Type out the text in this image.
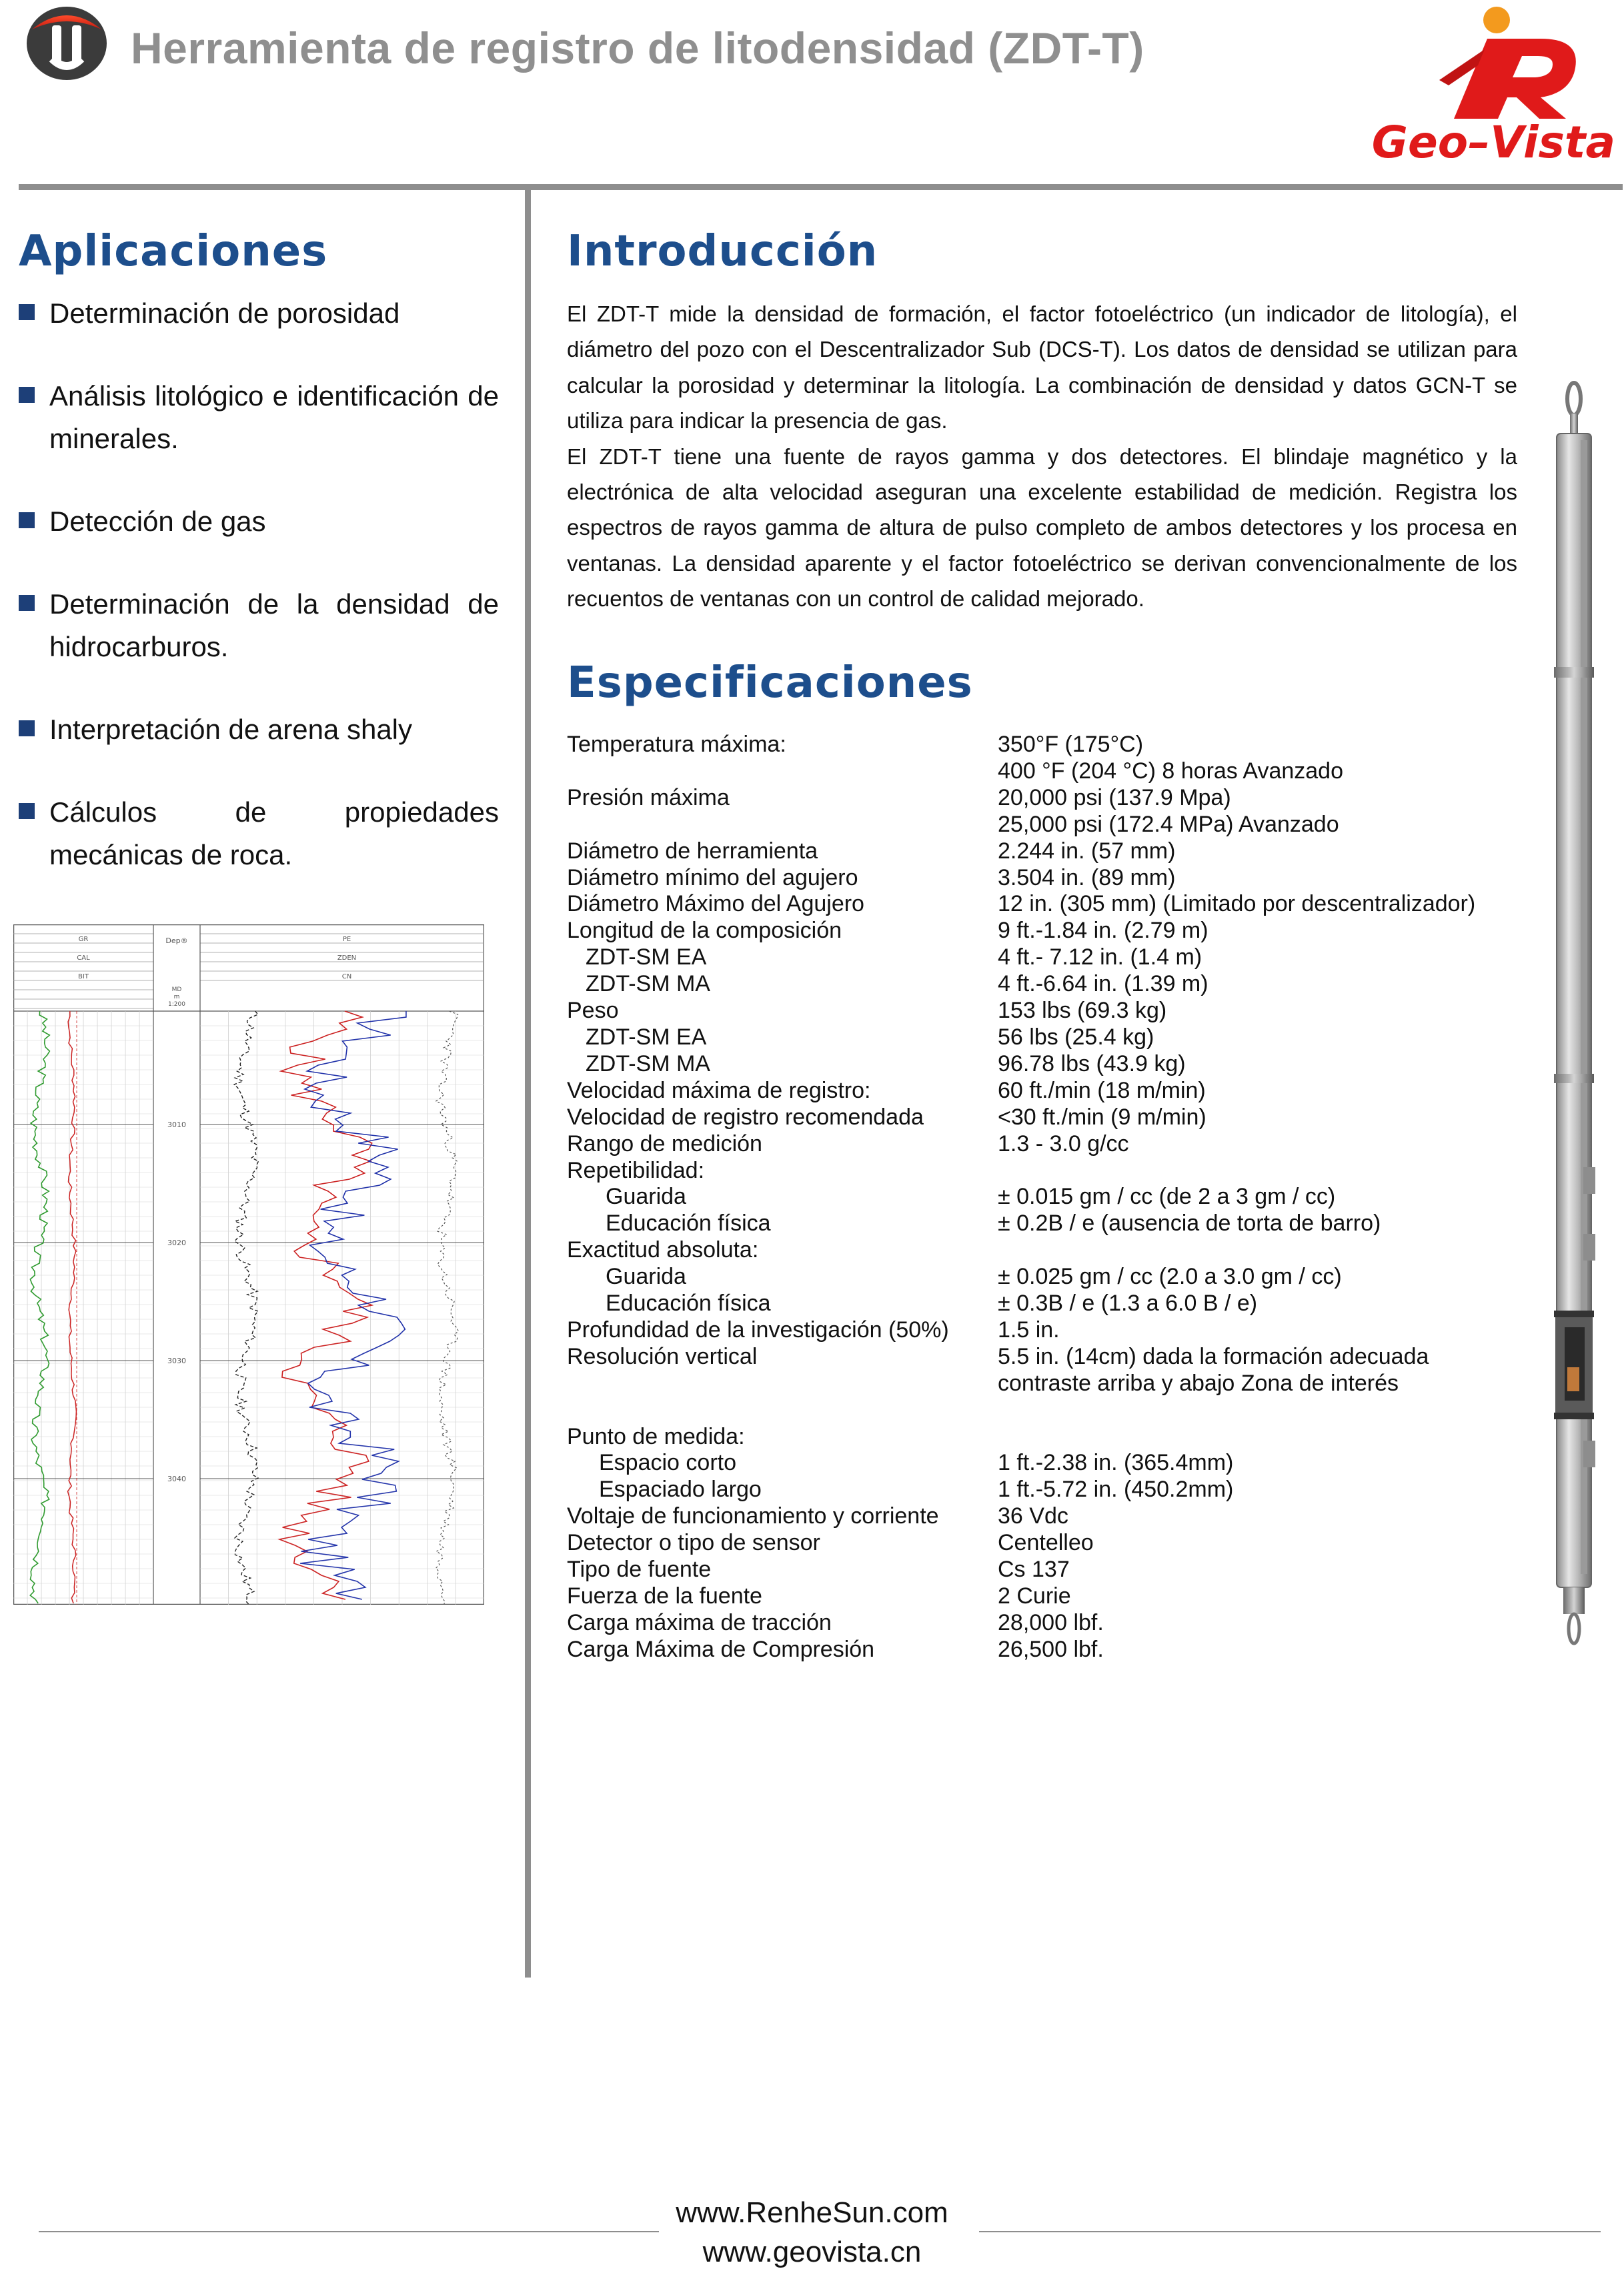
Herramienta de registro de litodensidad (ZDT-T)
Geo–Vista
Aplicaciones
Determinación de porosidad
Análisis litológico e identificación de minerales.
Detección de gas
Determinación de la densidad de hidrocarburos.
Interpretación de arena shaly
Cálculos de propiedades mecánicas de roca.
3010
3020
3030
3040
Dep®
MD
m
1:200
GR
CAL
BIT
PE
ZDEN
CN
Introducción

El ZDT-T mide la densidad de formación, el factor fotoeléctrico (un indicador de litología), el diámetro del pozo con el Descentralizador Sub (DCS-T). Los datos de densidad se utilizan para calcular la porosidad y determinar la litología. La combinación de densidad y datos GCN-T se utiliza para indicar la presencia de gas.

El ZDT-T tiene una fuente de rayos gamma y dos detectores. El blindaje magnético y la electrónica de alta velocidad aseguran una excelente estabilidad de medición. Registra los espectros de rayos gamma de altura de pulso completo de ambos detectores y los procesa en ventanas. La densidad aparente y el factor fotoeléctrico se derivan convencionalmente de los recuentos de ventanas con un control de calidad mejorado.

Especificaciones
Temperatura máxima:	350°F (175°C)
400 °F (204 °C) 8 horas Avanzado
Presión máxima	20,000 psi (137.9 Mpa)
25,000 psi (172.4 MPa) Avanzado
Diámetro de herramienta	2.244 in. (57 mm)
Diámetro mínimo del agujero	3.504 in. (89 mm)
Diámetro Máximo del Agujero	12 in. (305 mm) (Limitado por descentralizador)
Longitud de la composición	9 ft.-1.84 in. (2.79 m)
ZDT-SM EA	4 ft.- 7.12 in. (1.4 m)
ZDT-SM MA	4 ft.-6.64 in. (1.39 m)
Peso	153 lbs (69.3 kg)
ZDT-SM EA	56 lbs (25.4 kg)
ZDT-SM MA	96.78 lbs (43.9 kg)
Velocidad máxima de registro:	60 ft./min (18 m/min)
Velocidad de registro recomendada	<30 ft./min (9 m/min)
Rango de medición	1.3 - 3.0 g/cc
Repetibilidad:
Guarida	± 0.015 gm / cc (de 2 a 3 gm / cc)
Educación física	± 0.2B / e (ausencia de torta de barro)
Exactitud absoluta:
Guarida	± 0.025 gm / cc (2.0 a 3.0 gm / cc)
Educación física	± 0.3B / e (1.3 a 6.0 B / e)
Profundidad de la investigación (50%)	1.5 in.
Resolución vertical	5.5 in. (14cm) dada la formación adecuada
contraste arriba y abajo Zona de interés
Punto de medida:
Espacio corto	1 ft.-2.38 in. (365.4mm)
Espaciado largo	1 ft.-5.72 in. (450.2mm)
Voltaje de funcionamiento y corriente	36 Vdc
Detector o tipo de sensor	Centelleo
Tipo de fuente	Cs 137
Fuerza de la fuente	2 Curie
Carga máxima de tracción	28,000 lbf.
Carga Máxima de Compresión	26,500 lbf.
www.RenheSun.com
www.geovista.cn
